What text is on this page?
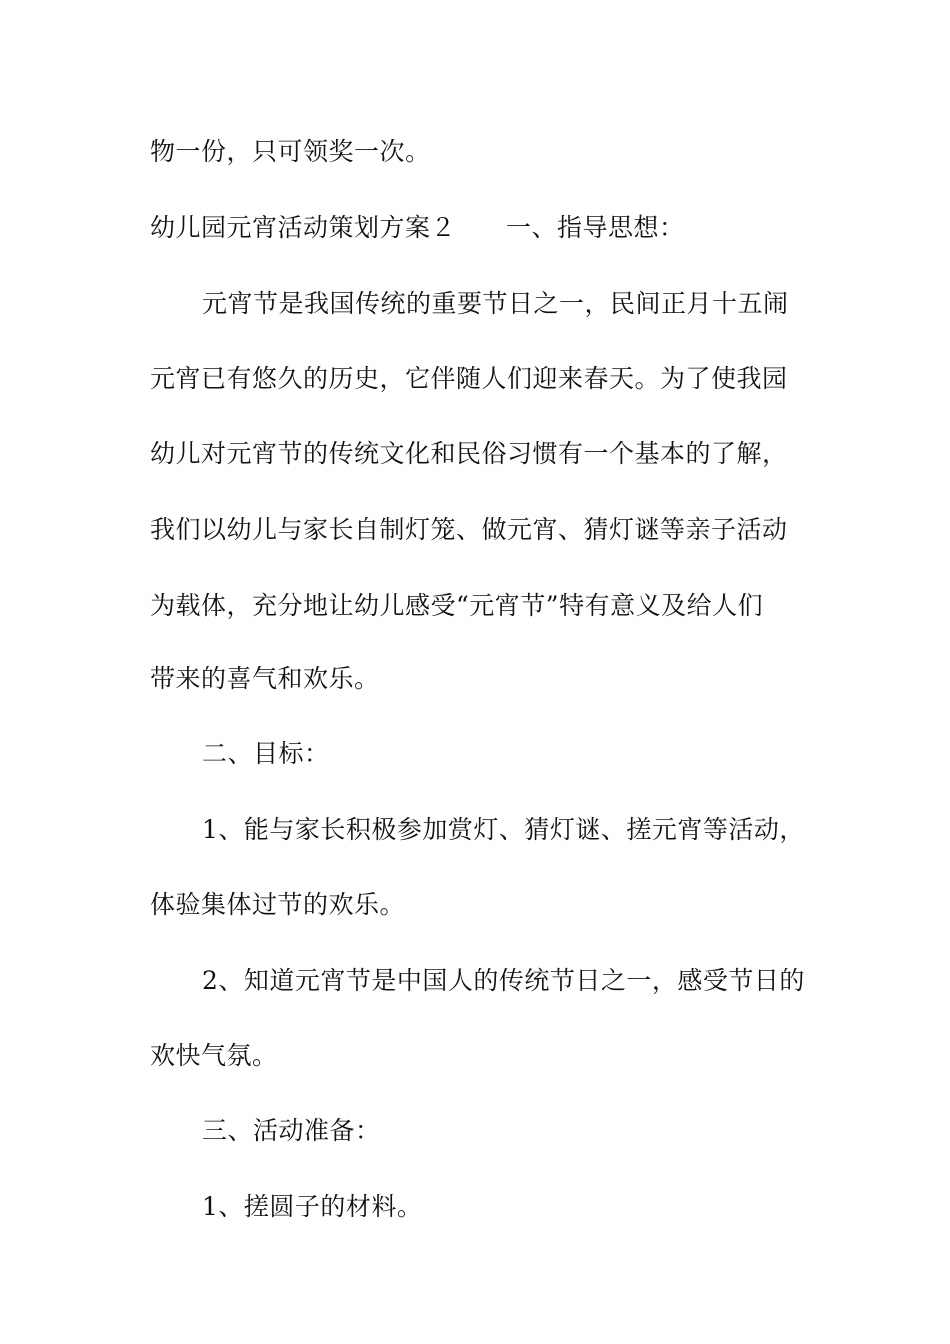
物一份，只可领奖一次。
幼儿园元宵活动策划方案２ 一、指导思想：
元宵节是我国传统的重要节日之一，民间正月十五闹
元宵已有悠久的历史，它伴随人们迎来春天。为了使我园
幼儿对元宵节的传统文化和民俗习惯有一个基本的了解，
我们以幼儿与家长自制灯笼、做元宵、猜灯谜等亲子活动
为载体，充分地让幼儿感受“元宵节”特有意义及给人们
带来的喜气和欢乐。
二、目标：
1、能与家长积极参加赏灯、猜灯谜、搓元宵等活动，
体验集体过节的欢乐。
2、知道元宵节是中国人的传统节日之一，感受节日的
欢快气氛。
三、活动准备：
1、搓圆子的材料。
